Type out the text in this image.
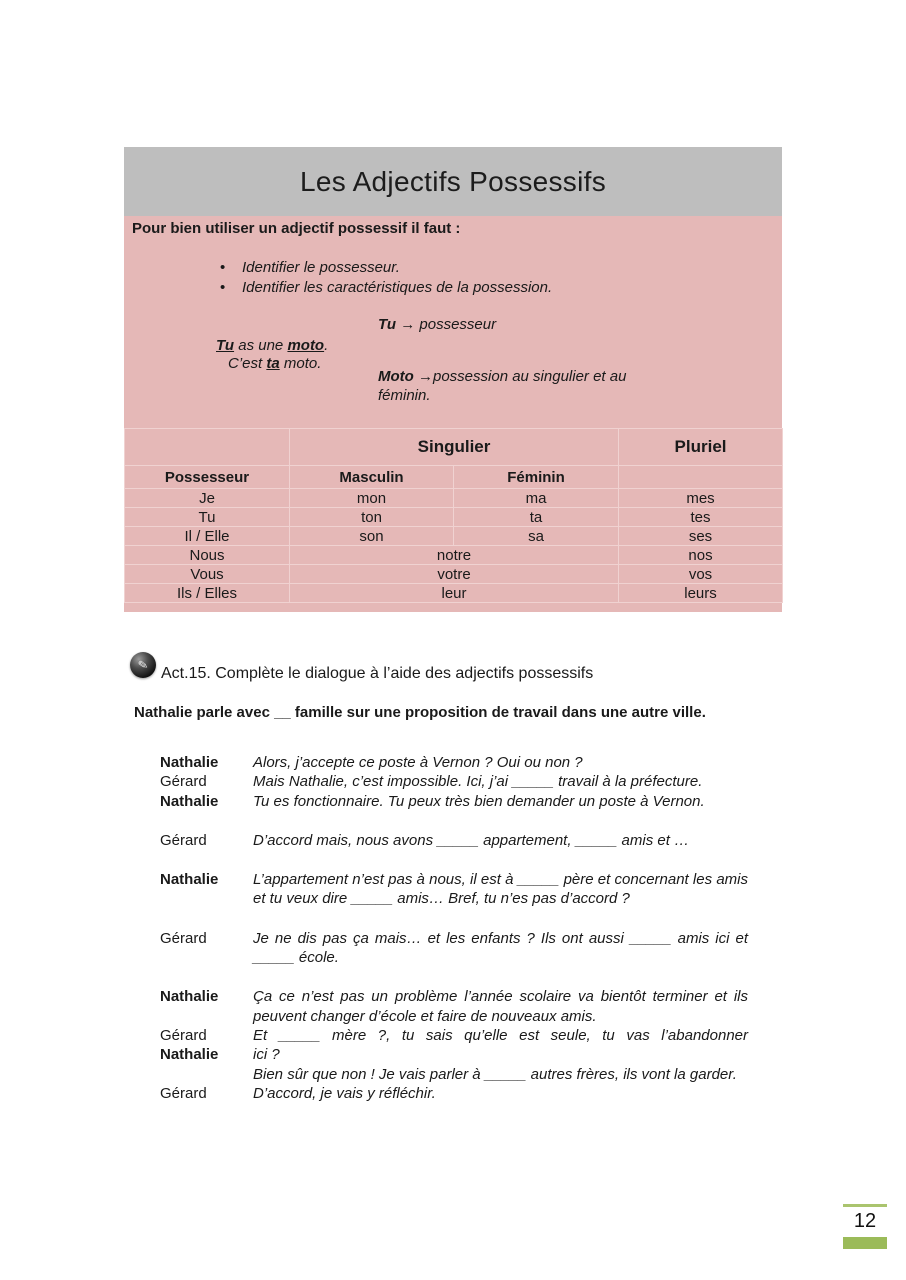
Les Adjectifs Possessifs
Pour bien utiliser un adjectif possessif il faut :
• Identifier le possesseur.
• Identifier les caractéristiques de la possession.
Tu → possesseur
Tu as une moto.
C’est ta moto.
Moto →possession au singulier et au féminin.
	Singulier		Pluriel
Possesseur	Masculin	Féminin	
Je	mon	ma	mes
Tu	ton	ta	tes
Il / Elle	son	sa	ses
Nous	notre		nos
Vous	votre		vos
Ils / Elles	leur		leurs
✎ Act.15. Complète le dialogue à l’aide des adjectifs possessifs
Nathalie parle avec __ famille sur une proposition de travail dans une autre ville.
Nathalie	Alors, j’accepte ce poste à Vernon ? Oui ou non ?
Gérard	Mais Nathalie, c’est impossible. Ici, j’ai _____ travail à la préfecture.
Nathalie	Tu es fonctionnaire. Tu peux très bien demander un poste à Vernon.
Gérard	D’accord mais, nous avons _____ appartement, _____ amis et …
Nathalie	L’appartement n’est pas à nous, il est à _____ père et concernant les amis et tu veux dire _____ amis… Bref, tu n’es pas d’accord ?
Gérard	Je ne dis pas ça mais… et les enfants ? Ils ont aussi _____ amis ici et _____ école.
Nathalie	Ça ce n’est pas un problème l’année scolaire va bientôt terminer et ils peuvent changer d’école et faire de nouveaux amis.
Gérard	Et _____ mère ?, tu sais qu’elle est seule, tu vas l’abandonner
Nathalie	ici ?
Bien sûr que non ! Je vais parler à _____ autres frères, ils vont la garder.
Gérard	D’accord, je vais y réfléchir.
12
